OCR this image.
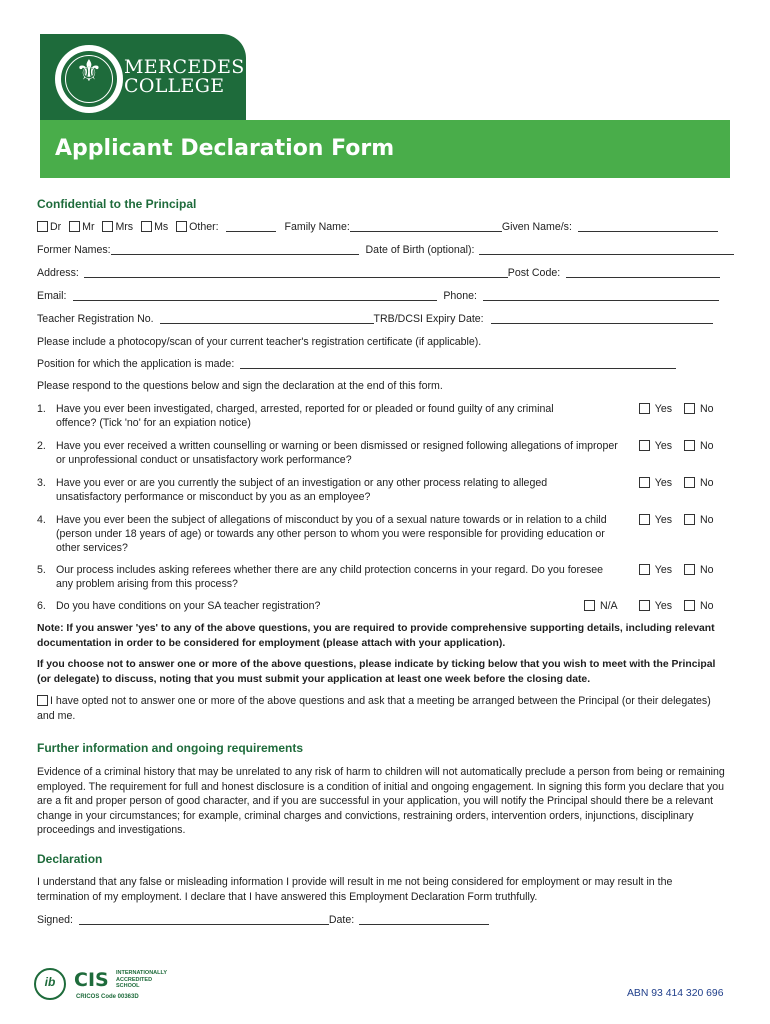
⚜	MERCEDES
COLLEGE
Applicant Declaration Form
Confidential to the Principal
Dr Mr Mrs Ms Other:	Family Name:	Given Name/s:
Former Names:	Date of Birth (optional):
Address:	Post Code:
Email:	Phone:
Teacher Registration No.	TRB/DCSI Expiry Date:
Please include a photocopy/scan of your current teacher's registration certificate (if applicable).
Position for which the application is made:
Please respond to the questions below and sign the declaration at the end of this form.
1. Have you ever been investigated, charged, arrested, reported for or pleaded or found guilty of any criminal offence? (Tick 'no' for an expiation notice)
Yes	No
2. Have you ever received a written counselling or warning or been dismissed or resigned following allegations of improper or unprofessional conduct or unsatisfactory work performance?
Yes	No
3. Have you ever or are you currently the subject of an investigation or any other process relating to alleged unsatisfactory performance or misconduct by you as an employee?
Yes	No
4. Have you ever been the subject of allegations of misconduct by you of a sexual nature towards or in relation to a child (person under 18 years of age) or towards any other person to whom you were responsible for providing education or other services?
Yes	No
5. Our process includes asking referees whether there are any child protection concerns in your regard. Do you foresee any problem arising from this process?
Yes	No
6. Do you have conditions on your SA teacher registration?	N/A	Yes	No
Note: If you answer 'yes' to any of the above questions, you are required to provide comprehensive supporting details, including relevant documentation in order to be considered for employment (please attach with your application).
If you choose not to answer one or more of the above questions, please indicate by ticking below that you wish to meet with the Principal (or delegate) to discuss, noting that you must submit your application at least one week before the closing date.
I have opted not to answer one or more of the above questions and ask that a meeting be arranged between the Principal (or their delegates) and me.
Further information and ongoing requirements
Evidence of a criminal history that may be unrelated to any risk of harm to children will not automatically preclude a person from being or remaining employed. The requirement for full and honest disclosure is a condition of initial and ongoing engagement. In signing this form you declare that you are a fit and proper person of good character, and if you are successful in your application, you will notify the Principal should there be a relevant change in your circumstances; for example, criminal charges and convictions, restraining orders, intervention orders, injunctions, disciplinary proceedings and investigations.
Declaration
I understand that any false or misleading information I provide will result in me not being considered for employment or may result in the termination of my employment. I declare that I have answered this Employment Declaration Form truthfully.
Signed:	Date:
ib CIS INTERNATIONALLY ACCREDITED SCHOOL
CRICOS Code 00363D	ABN 93 414 320 696
